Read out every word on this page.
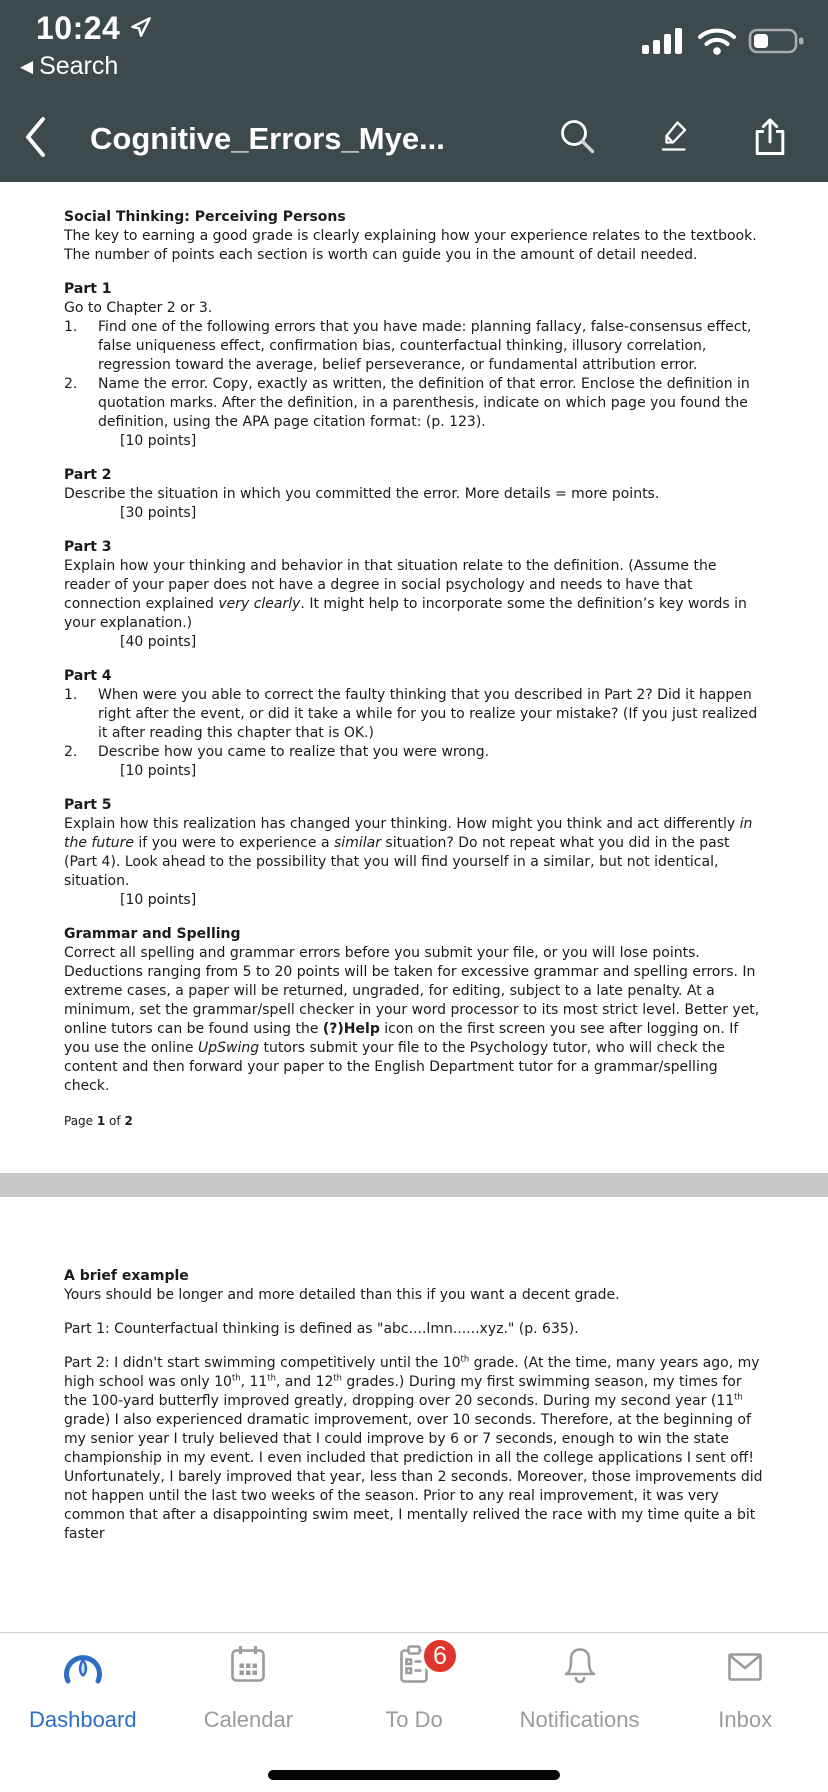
10:24
◀ Search
Cognitive_Errors_Mye...
Social Thinking: Perceiving Persons
The key to earning a good grade is clearly explaining how your experience relates to the textbook. The number of points each section is worth can guide you in the amount of detail needed.
Part 1
Go to Chapter 2 or 3.
1.	Find one of the following errors that you have made: planning fallacy, false-consensus effect, false uniqueness effect, confirmation bias, counterfactual thinking, illusory correlation, regression toward the average, belief perseverance, or fundamental attribution error.
2.	Name the error. Copy, exactly as written, the definition of that error. Enclose the definition in quotation marks. After the definition, in a parenthesis, indicate on which page you found the definition, using the APA page citation format: (p. 123).
[10 points]
Part 2
Describe the situation in which you committed the error. More details = more points.
[30 points]
Part 3
Explain how your thinking and behavior in that situation relate to the definition. (Assume the reader of your paper does not have a degree in social psychology and needs to have that connection explained very clearly. It might help to incorporate some the definition’s key words in your explanation.)
[40 points]
Part 4
1.	When were you able to correct the faulty thinking that you described in Part 2? Did it happen right after the event, or did it take a while for you to realize your mistake? (If you just realized it after reading this chapter that is OK.)
2.	Describe how you came to realize that you were wrong.
[10 points]
Part 5
Explain how this realization has changed your thinking. How might you think and act differently in the future if you were to experience a similar situation? Do not repeat what you did in the past (Part 4). Look ahead to the possibility that you will find yourself in a similar, but not identical, situation.
[10 points]
Grammar and Spelling
Correct all spelling and grammar errors before you submit your file, or you will lose points. Deductions ranging from 5 to 20 points will be taken for excessive grammar and spelling errors. In extreme cases, a paper will be returned, ungraded, for editing, subject to a late penalty. At a minimum, set the grammar/spell checker in your word processor to its most strict level. Better yet, online tutors can be found using the (?)Help icon on the first screen you see after logging on. If you use the online UpSwing tutors submit your file to the Psychology tutor, who will check the content and then forward your paper to the English Department tutor for a grammar/spelling check.
Page 1 of 2
A brief example
Yours should be longer and more detailed than this if you want a decent grade.
Part 1: Counterfactual thinking is defined as "abc....lmn......xyz." (p. 635).
Part 2: I didn't start swimming competitively until the 10th grade. (At the time, many years ago, my high school was only 10th, 11th, and 12th grades.) During my first swimming season, my times for the 100-yard butterfly improved greatly, dropping over 20 seconds. During my second year (11th grade) I also experienced dramatic improvement, over 10 seconds. Therefore, at the beginning of my senior year I truly believed that I could improve by 6 or 7 seconds, enough to win the state championship in my event. I even included that prediction in all the college applications I sent off! Unfortunately, I barely improved that year, less than 2 seconds. Moreover, those improvements did not happen until the last two weeks of the season. Prior to any real improvement, it was very common that after a disappointing swim meet, I mentally relived the race with my time quite a bit faster
Dashboard	Calendar
6
To Do	Notifications	Inbox
